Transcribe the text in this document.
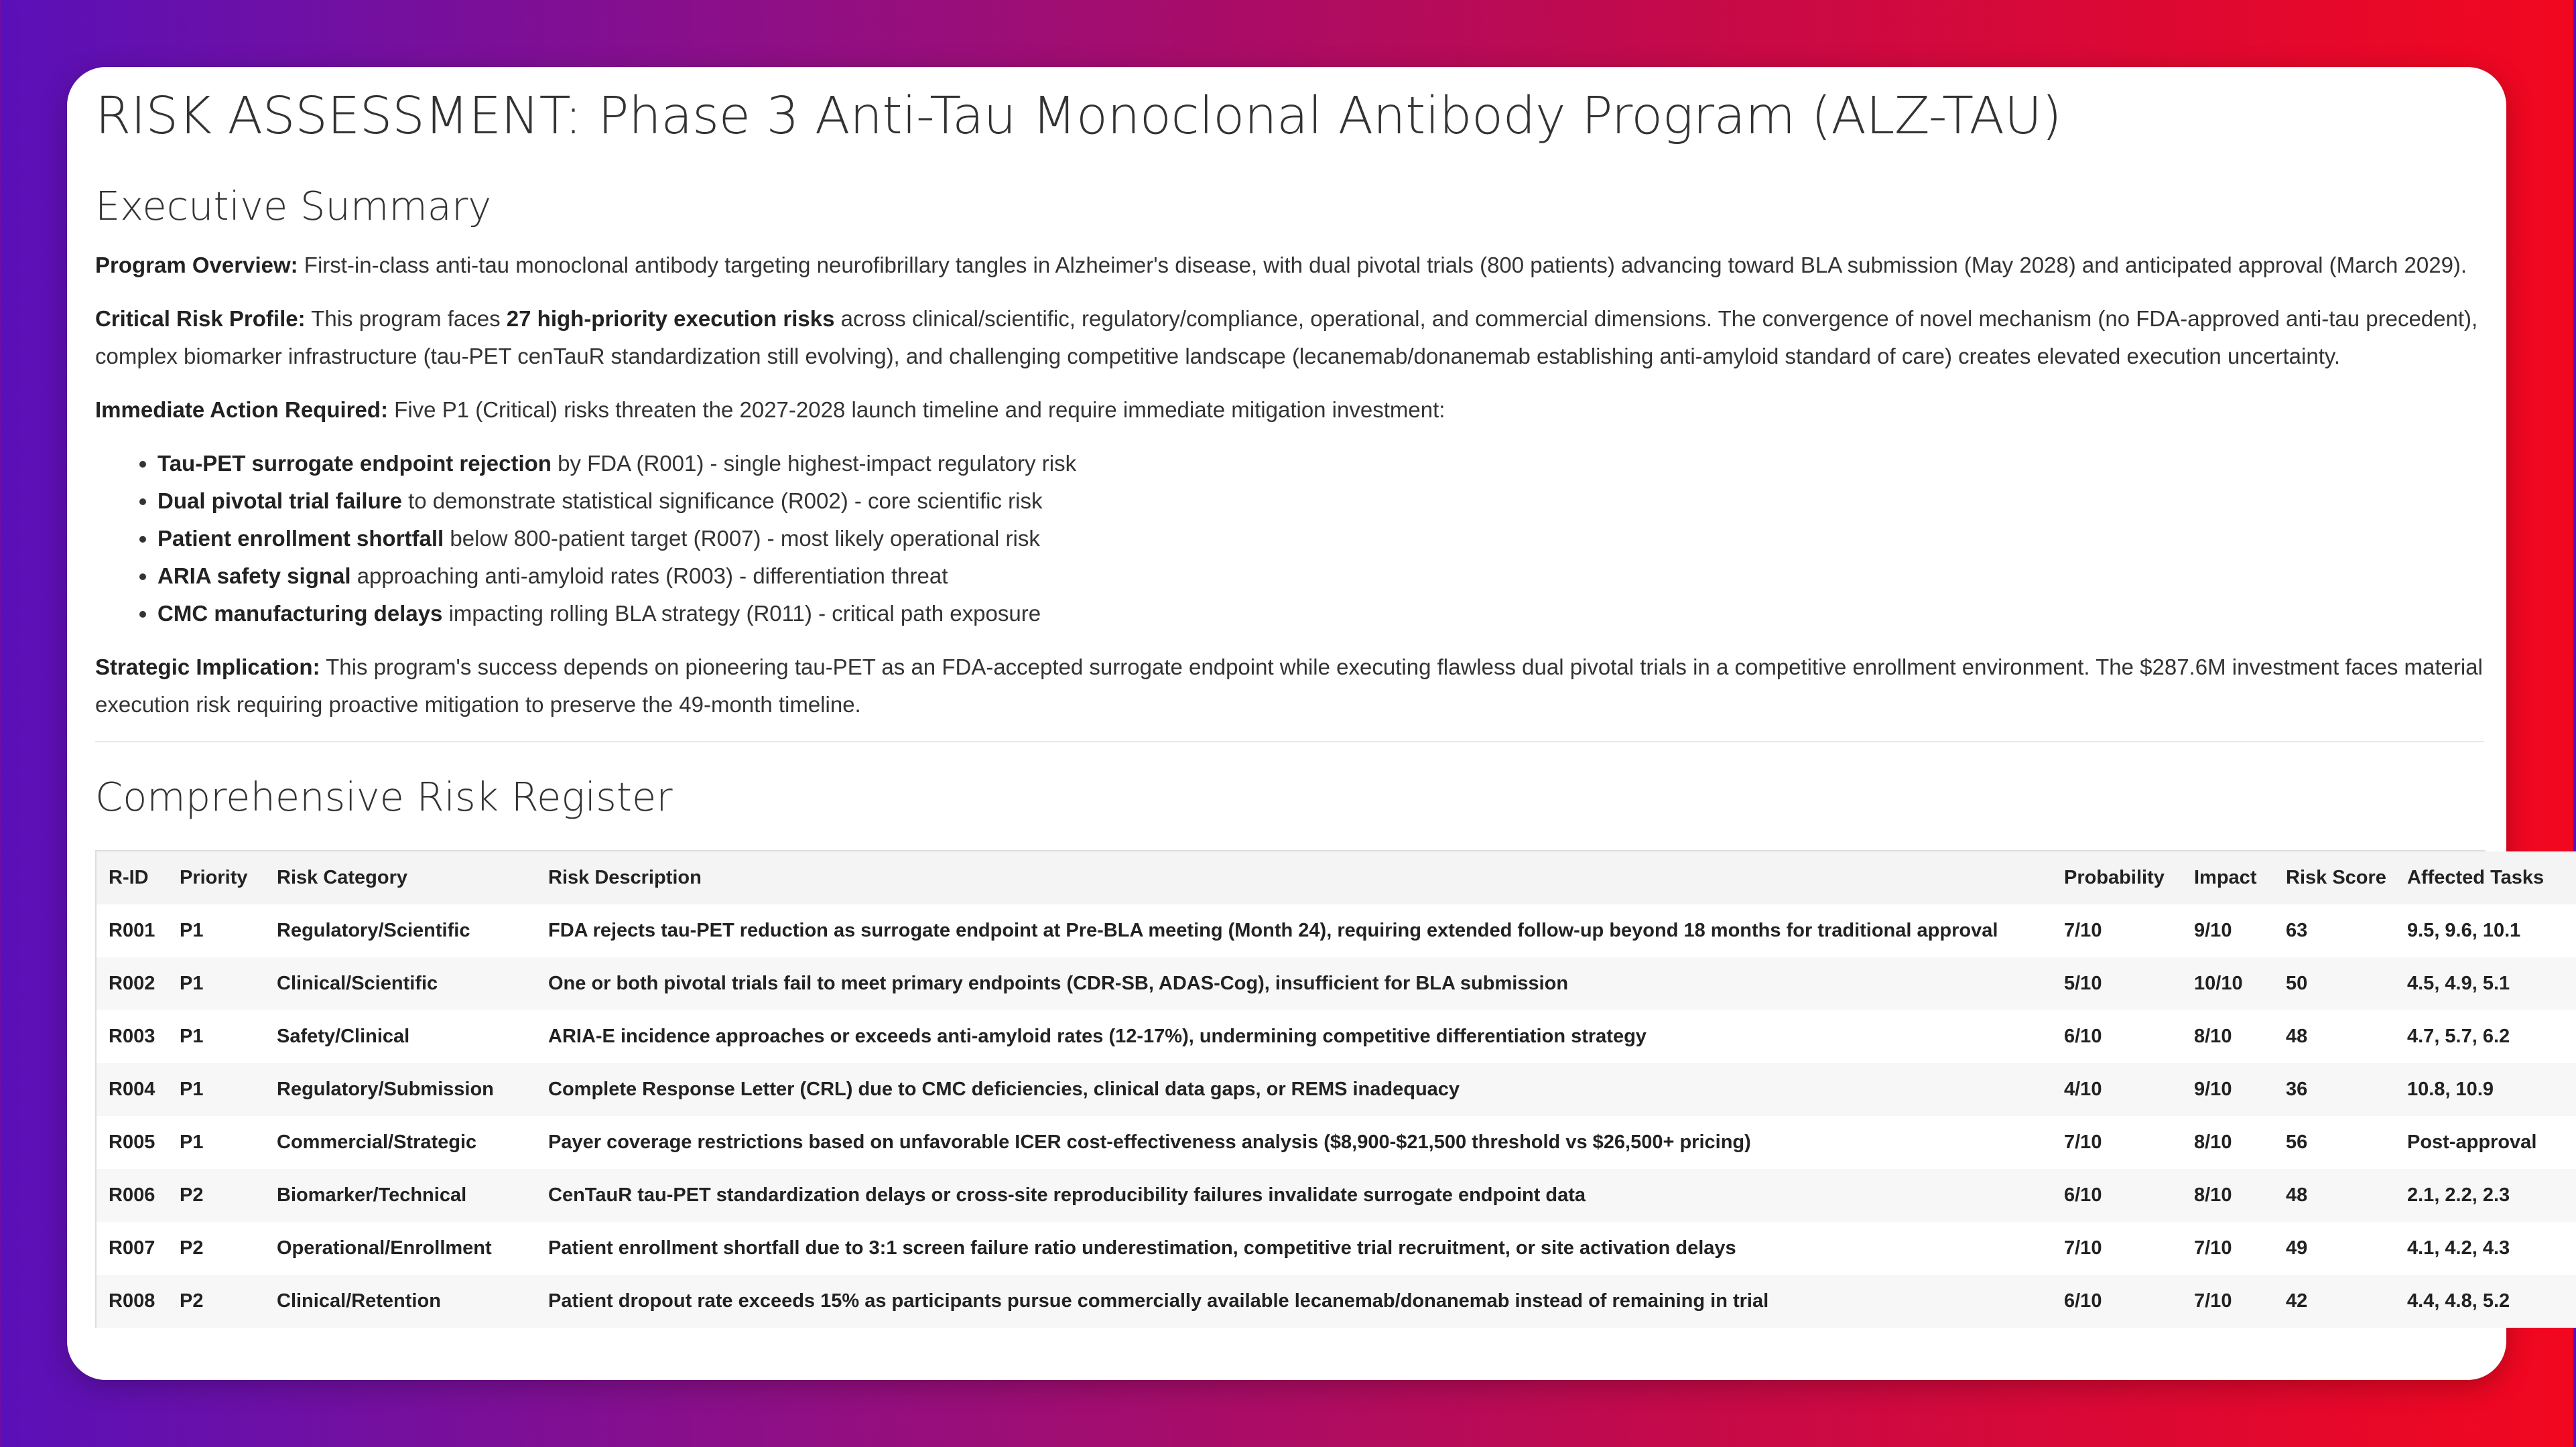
RISK ASSESSMENT: Phase 3 Anti-Tau Monoclonal Antibody Program (ALZ-TAU)
Executive Summary

Program Overview: First-in-class anti-tau monoclonal antibody targeting neurofibrillary tangles in Alzheimer's disease, with dual pivotal trials (800 patients) advancing toward BLA submission (May 2028) and anticipated approval (March 2029).

Critical Risk Profile: This program faces 27 high-priority execution risks across clinical/scientific, regulatory/compliance, operational, and commercial dimensions. The convergence of novel mechanism (no FDA-approved anti-tau precedent), complex biomarker infrastructure (tau-PET cenTauR standardization still evolving), and challenging competitive landscape (lecanemab/donanemab establishing anti-amyloid standard of care) creates elevated execution uncertainty.

Immediate Action Required: Five P1 (Critical) risks threaten the 2027-2028 launch timeline and require immediate mitigation investment:

• Tau-PET surrogate endpoint rejection by FDA (R001) - single highest-impact regulatory risk
• Dual pivotal trial failure to demonstrate statistical significance (R002) - core scientific risk
• Patient enrollment shortfall below 800-patient target (R007) - most likely operational risk
• ARIA safety signal approaching anti-amyloid rates (R003) - differentiation threat
• CMC manufacturing delays impacting rolling BLA strategy (R011) - critical path exposure

Strategic Implication: This program's success depends on pioneering tau-PET as an FDA-accepted surrogate endpoint while executing flawless dual pivotal trials in a competitive enrollment environment. The $287.6M investment faces material execution risk requiring proactive mitigation to preserve the 49-month timeline.

Comprehensive Risk Register
R-ID	Priority	Risk Category	Risk Description	Probability	Impact	Risk Score	Affected Tasks
R001	P1	Regulatory/Scientific	FDA rejects tau-PET reduction as surrogate endpoint at Pre-BLA meeting (Month 24), requiring extended follow-up beyond 18 months for traditional approval	7/10	9/10	63	9.5, 9.6, 10.1
R002	P1	Clinical/Scientific	One or both pivotal trials fail to meet primary endpoints (CDR-SB, ADAS-Cog), insufficient for BLA submission	5/10	10/10	50	4.5, 4.9, 5.1
R003	P1	Safety/Clinical	ARIA-E incidence approaches or exceeds anti-amyloid rates (12-17%), undermining competitive differentiation strategy	6/10	8/10	48	4.7, 5.7, 6.2
R004	P1	Regulatory/Submission	Complete Response Letter (CRL) due to CMC deficiencies, clinical data gaps, or REMS inadequacy	4/10	9/10	36	10.8, 10.9
R005	P1	Commercial/Strategic	Payer coverage restrictions based on unfavorable ICER cost-effectiveness analysis ($8,900-$21,500 threshold vs $26,500+ pricing)	7/10	8/10	56	Post-approval
R006	P2	Biomarker/Technical	CenTauR tau-PET standardization delays or cross-site reproducibility failures invalidate surrogate endpoint data	6/10	8/10	48	2.1, 2.2, 2.3
R007	P2	Operational/Enrollment	Patient enrollment shortfall due to 3:1 screen failure ratio underestimation, competitive trial recruitment, or site activation delays	7/10	7/10	49	4.1, 4.2, 4.3
R008	P2	Clinical/Retention	Patient dropout rate exceeds 15% as participants pursue commercially available lecanemab/donanemab instead of remaining in trial	6/10	7/10	42	4.4, 4.8, 5.2
